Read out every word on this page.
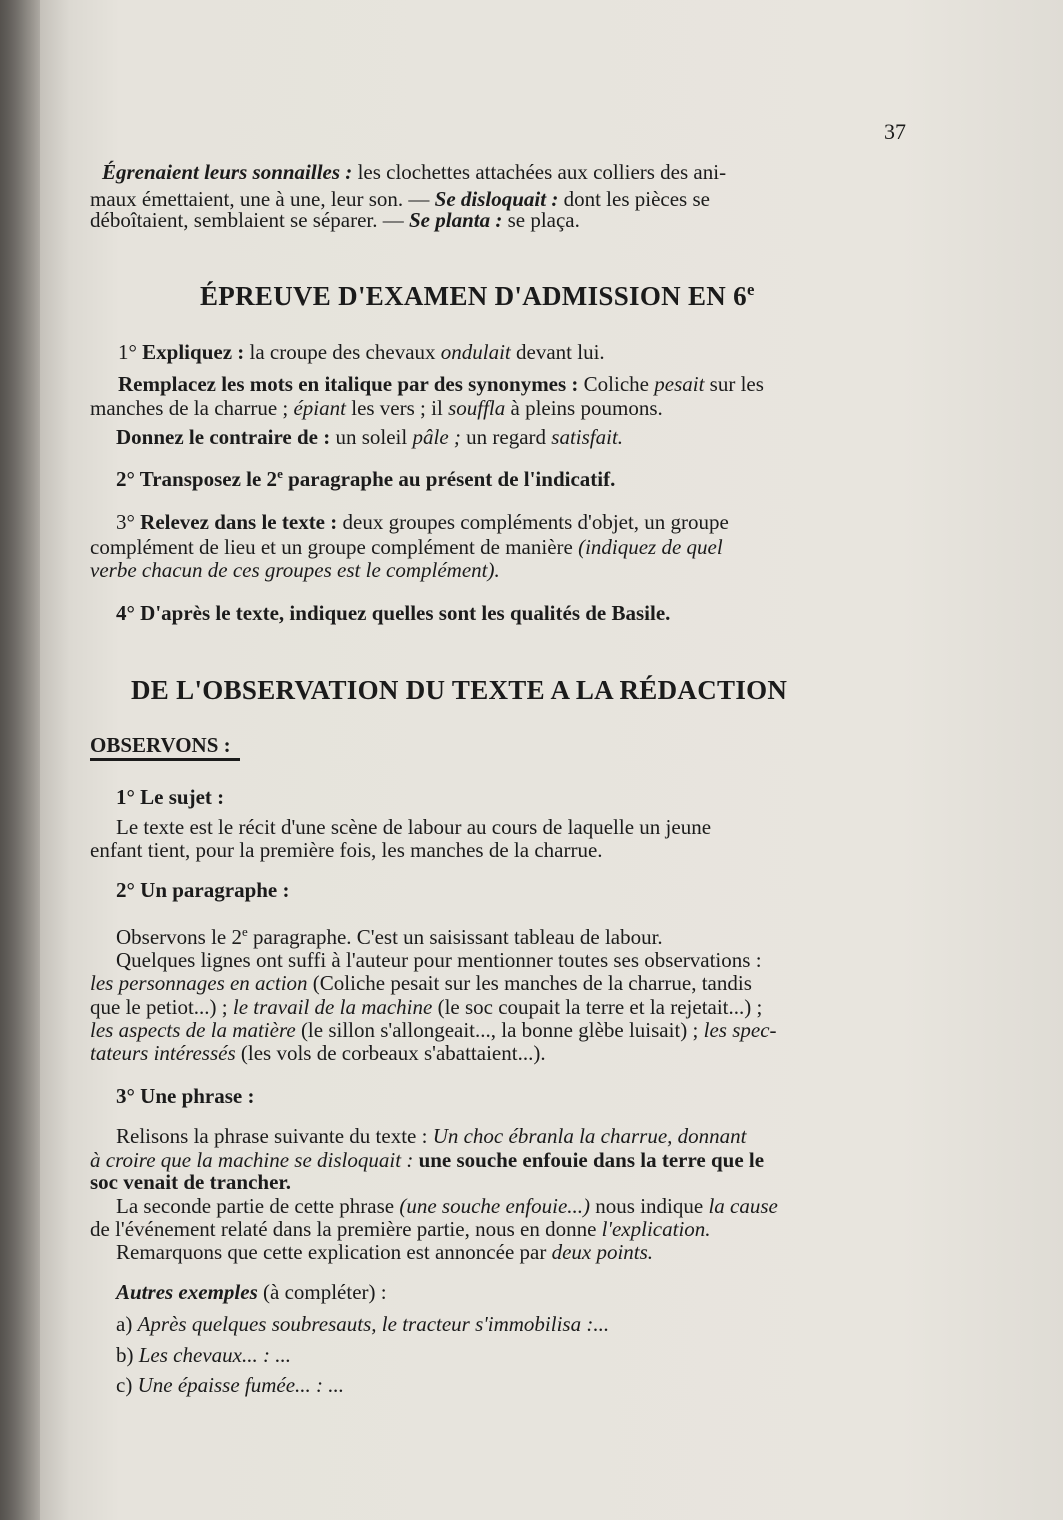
37
Égrenaient leurs sonnailles : les clochettes attachées aux colliers des ani-
maux émettaient, une à une, leur son. — Se disloquait : dont les pièces se
déboîtaient, semblaient se séparer. — Se planta : se plaça.
ÉPREUVE D'EXAMEN D'ADMISSION EN 6e
1° Expliquez : la croupe des chevaux ondulait devant lui.
Remplacez les mots en italique par des synonymes : Coliche pesait sur les
manches de la charrue ; épiant les vers ; il souffla à pleins poumons.
Donnez le contraire de : un soleil pâle ; un regard satisfait.
2° Transposez le 2e paragraphe au présent de l'indicatif.
3° Relevez dans le texte : deux groupes compléments d'objet, un groupe
complément de lieu et un groupe complément de manière (indiquez de quel
verbe chacun de ces groupes est le complément).
4° D'après le texte, indiquez quelles sont les qualités de Basile.
DE L'OBSERVATION DU TEXTE A LA RÉDACTION
OBSERVONS :
1° Le sujet :
Le texte est le récit d'une scène de labour au cours de laquelle un jeune
enfant tient, pour la première fois, les manches de la charrue.
2° Un paragraphe :
Observons le 2e paragraphe. C'est un saisissant tableau de labour.
Quelques lignes ont suffi à l'auteur pour mentionner toutes ses observations :
les personnages en action (Coliche pesait sur les manches de la charrue, tandis
que le petiot...) ; le travail de la machine (le soc coupait la terre et la rejetait...) ;
les aspects de la matière (le sillon s'allongeait..., la bonne glèbe luisait) ; les spec-
tateurs intéressés (les vols de corbeaux s'abattaient...).
3° Une phrase :
Relisons la phrase suivante du texte : Un choc ébranla la charrue, donnant
à croire que la machine se disloquait : une souche enfouie dans la terre que le
soc venait de trancher.
La seconde partie de cette phrase (une souche enfouie...) nous indique la cause
de l'événement relaté dans la première partie, nous en donne l'explication.
Remarquons que cette explication est annoncée par deux points.
Autres exemples (à compléter) :
a) Après quelques soubresauts, le tracteur s'immobilisa :...
b) Les chevaux... : ...
c) Une épaisse fumée... : ...
